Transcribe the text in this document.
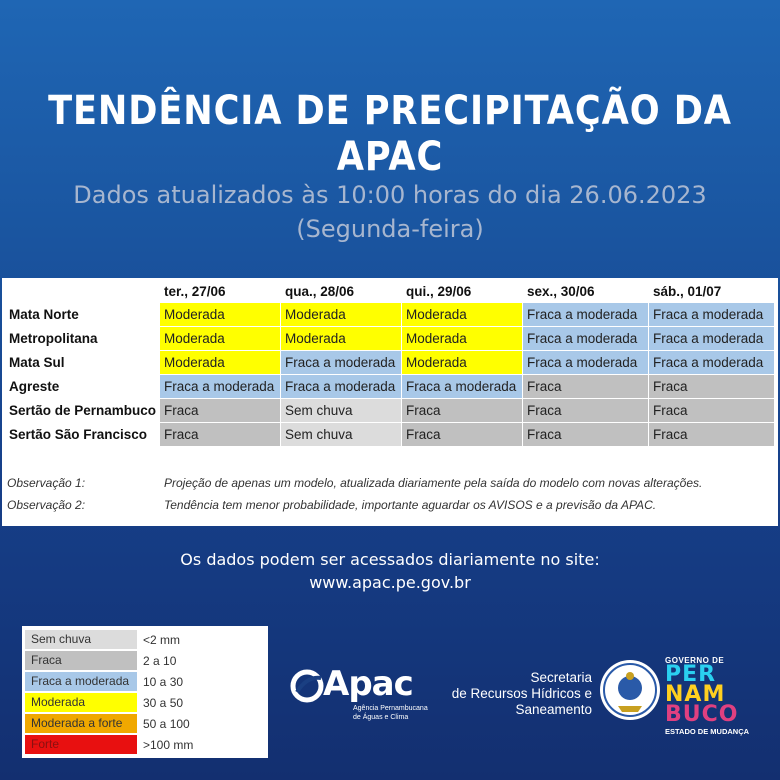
TENDÊNCIA DE PRECIPITAÇÃO DA APAC
Dados atualizados às 10:00 horas do dia 26.06.2023
(Segunda-feira)
	ter., 27/06	qua., 28/06	qui., 29/06	sex., 30/06	sáb., 01/07
Mata Norte	Moderada	Moderada	Moderada	Fraca a moderada	Fraca a moderada
Metropolitana	Moderada	Moderada	Moderada	Fraca a moderada	Fraca a moderada
Mata Sul	Moderada	Fraca a moderada	Moderada	Fraca a moderada	Fraca a moderada
Agreste	Fraca a moderada	Fraca a moderada	Fraca a moderada	Fraca	Fraca
Sertão de Pernambuco	Fraca	Sem chuva	Fraca	Fraca	Fraca
Sertão São Francisco	Fraca	Sem chuva	Fraca	Fraca	Fraca
Observação 1:	Projeção de apenas um modelo, atualizada diariamente pela saída do modelo com novas alterações.
Observação 2:	Tendência tem menor probabilidade, importante aguardar os AVISOS e a previsão da APAC.
Os dados podem ser acessados diariamente no site:
www.apac.pe.gov.br
Sem chuva	<2 mm
Fraca	2 a 10
Fraca a moderada	10 a 30
Moderada	30 a 50
Moderada a forte	50 a 100
Forte	>100 mm
Apac
Agência Pernambucana
de Águas e Clima
Secretaria
de Recursos Hídricos e
Saneamento
GOVERNO DE
PER
NAM
BUCO
ESTADO DE MUDANÇA
